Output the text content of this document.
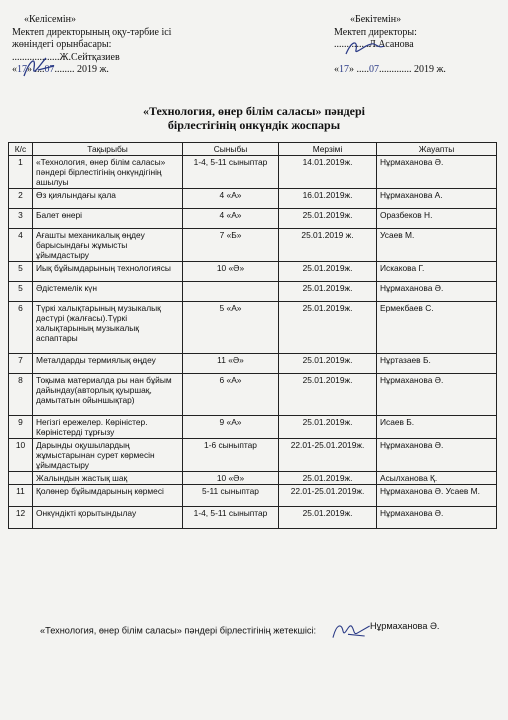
«Келісемін»
Мектеп директорының оқу-тәрбие ісі
жөніндегі орынбасары:
...................Ж.Сейтқазиев
«17» ....07........ 2019 ж.
«Бекітемін»
Мектеп директоры:
..............Л.Асанова
«17» .....07............. 2019 ж.
«Технология, өнер білім саласы» пәндері
бірлестігінің онкүндік жоспары
К/с	Тақырыбы	Сыныбы	Мерзімі	Жауапты
1	«Технология, өнер білім саласы» пәндері бірлестігінің онкүндігінің ашылуы	1-4, 5-11 сыныптар	14.01.2019ж.	Нұрмаханова Ә.
2	Өз қиялындағы қала	4 «А»	16.01.2019ж.	Нұрмаханова А.
3	Балет өнері	4 «А»	25.01.2019ж.	Оразбеков Н.
4	Ағашты механикалық өңдеу барысындағы жұмысты ұйымдастыру	7 «Б»	25.01.2019 ж.	Усаев М.
5	Иық бұйымдарының технологиясы	10 «Ә»	25.01.2019ж.	Искакова Г.
5	Әдістемелік күн		25.01.2019ж.	Нұрмаханова Ә.
6	Түркі халықтарының музыкалық дәстүрі (жалғасы).Түркі халықтарының музыкалық аспаптары	5 «А»	25.01.2019ж.	Ермекбаев С.
7	Металдарды термиялық өңдеу	11 «Ә»	25.01.2019ж.	Нұртазаев Б.
8	Тоқыма материалда ры нан бұйым дайындау(авторлық қуыршақ, дамытатын ойыншықтар)	6 «А»	25.01.2019ж.	Нұрмаханова Ә.
9	Негізгі ережелер. Көріністер. Көріністерді тұрғызу	9 «А»	25.01.2019ж.	Исаев Б.
10	Дарынды оқушылардың жұмыстарынан сурет көрмесін ұйымдастыру	1-6 сыныптар	22.01-25.01.2019ж.	Нұрмаханова Ә.
	Жалындын жастық шақ	10 «Ә»	25.01.2019ж.	Асылханова Қ.
11	Қолөнер бұйымдарының көрмесі	5-11 сыныптар	22.01-25.01.2019ж.	Нұрмаханова Ә. Усаев М.
12	Онкүндікті қорытындылау	1-4, 5-11 сыныптар	25.01.2019ж.	Нұрмаханова Ә.
«Технология, өнер білім саласы» пәндері бірлестігінің жетекшісі:	Нұрмаханова Ә.
